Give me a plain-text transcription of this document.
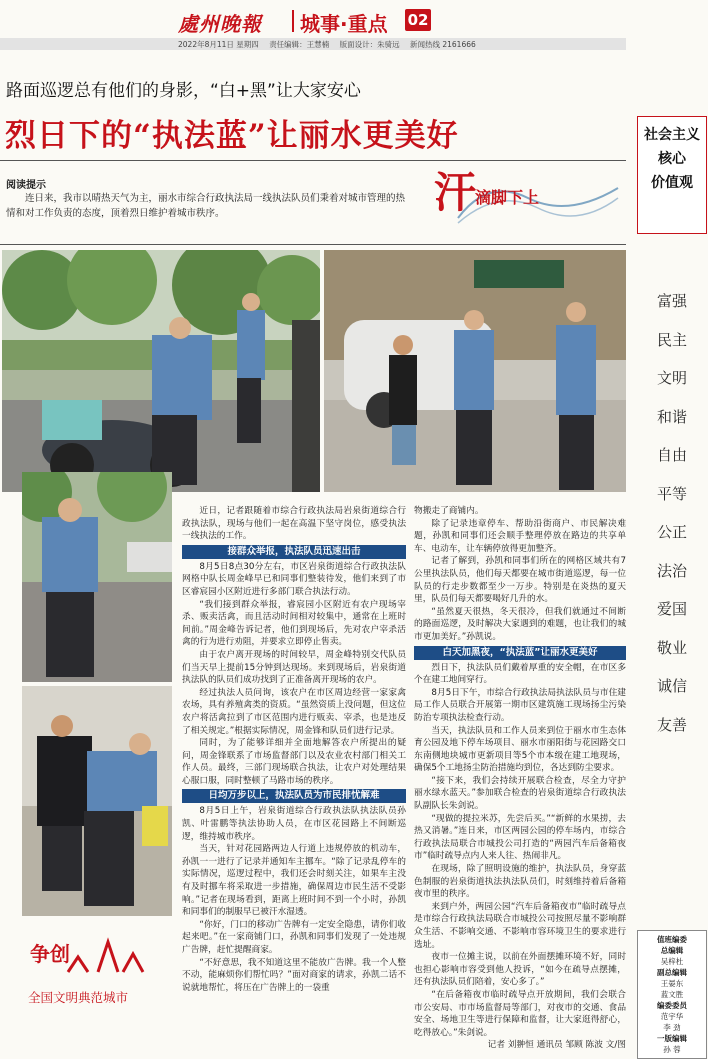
處州晚報 城事·重点 02
2022年8月11日 星期四 责任编辑：王慧楠 版面设计：朱骑远 新闻热线 2161666
路面巡逻总有他们的身影，“白+黑”让大家安心
烈日下的“执法蓝”让丽水更美好
阅读提示
连日来，我市以晴热天气为主，丽水市综合行政执法局一线执法队员们秉着对城市管理的热情和对工作负责的态度，顶着烈日维护着城市秩序。	汗
滴脚下上

近日，记者跟随着市综合行政执法局岩泉街道综合行政执法队，现场与他们一起在高温下坚守岗位，感受执法一线执法的工作。

接群众举报，执法队员迅速出击

8月5日8点30分左右，市区岩泉街道综合行政执法队网格中队长周金峰早已和同事们整装待发，他们来到了市区睿宸园小区附近进行多部门联合执法行动。

“我们接到群众举报，睿宸园小区附近有农户现场宰杀、贩卖活禽，而且活动时间相对较集中，通常在上班时间前。”周金峰告诉记者，他们到现场后，先对农户宰杀活禽的行为进行劝阻，并要求立即停止售卖。

由于农户离开现场的时间较早，周金峰特别交代队员们当天早上提前15分钟到达现场。来到现场后，岩泉街道执法队的队员们成功找到了正准备离开现场的农户。

经过执法人员问询，该农户在市区周边经营一家家禽农场，具有养殖禽类的资质。“虽然资质上没问题，但这位农户将活禽拉到了市区范围内进行贩卖、宰杀，也是违反了相关规定。”根据实际情况，周金锋和队员们进行记录。

同时，为了能够详细并全面地解答农户所提出的疑问，周金锋联系了市场监督部门以及农业农村部门相关工作人员。最终，三部门现场联合执法，让农户对处理结果心服口服，同时整顿了马路市场的秩序。

日均万步以上，执法队员为市民排忧解难

8月5日上午，岩泉街道综合行政执法队执法队员孙凯、叶雷鹏等执法协助人员，在市区花园路上不间断巡逻，维持城市秩序。

当天，针对花园路两边人行道上违规停放的机动车，孙凯一一进行了记录并通知车主挪车。“除了记录乱停车的实际情况，巡逻过程中，我们还会时刻关注，如果车主没有及时挪车将采取进一步措施，确保周边市民生活不受影响。”记者在现场看到，距离上班时间不到一个小时，孙凯和同事们的制服早已被汗水湿透。

“你好，门口的移动广告牌有一定安全隐患，请你们收起来吧。”在一家商铺门口，孙凯和同事们发现了一处违规广告牌，赶忙提醒商家。

“不好意思，我不知道这里不能放广告牌。我一个人整不动，能麻烦你们帮忙吗？”面对商家的请求，孙凯二话不说就地帮忙，将压在广告牌上的一袋重

物搬走了商铺内。

除了记录违章停车、帮助沿街商户、市民解决难题，孙凯和同事们还会顺手整理停放在路边的共享单车、电动车，让车辆停放得更加整齐。

记者了解到，孙凯和同事们所在的网格区域共有7公里执法队员，他们每天都要在城市街道巡逻，每一位队员的行走步数都至少一万步。特别是在炎热的夏天里，队员们每天都要喝好几升的水。

“虽然夏天很热，冬天很冷，但我们就通过不间断的路面巡逻，及时解决大家遇到的难题，也让我们的城市更加美好。”孙凯说。

白天加黑夜，“执法蓝”让丽水更美好

烈日下，执法队员们戴着厚重的安全帽，在市区多个在建工地间穿行。

8月5日下午，市综合行政执法局执法队员与市住建局工作人员联合开展第一期市区建筑施工现场扬尘污染防治专项执法检查行动。

当天，执法队员和工作人员来到位于丽水市生态体育公园及地下停车场项目、丽水市丽阳街与花园路交口东南侧地块城市更新项目等5个市本级在建工地现场，确保5个工地扬尘防治措施均到位，各达到防尘要求。

“接下来，我们会持续开展联合检查，尽全力守护丽水绿水蓝天。”参加联合检查的岩泉街道综合行政执法队副队长朱剑说。

“现做的提拉米苏，先尝后买。”“新鲜的水果捞，去热又消暑。”连日来，市区两园公园的停车场内，市综合行政执法局联合市城投公司打造的“两园汽车后备箱夜市”临时疏导点内人来人往、热闹非凡。

在现场，除了照明设施的维护，执法队员，身穿蓝色制服的岩泉街道执法执法队员们，时刻维持着后备箱夜市里的秩序。

来到户外，两园公园“汽车后备箱夜市”临时疏导点是市综合行政执法局联合市城投公司按照尽量不影响群众生活、不影响交通、不影响市容环境卫生的要求进行选址。

夜市一位摊主说，以前在外面摆摊环境不好，同时也担心影响市容受到他人投诉，“如今在疏导点摆摊，还有执法队员们陪着，安心多了。”

“在后备箱夜市临时疏导点开放期间，我们会联合市公安局、市市场监督局等部门，对夜市的交通、食品安全、场地卫生等进行保障和监督，让大家逛得舒心，吃得放心。”朱剑说。

记者 刘翀恒 通讯员 邹顾 陈波 文/图

争创
全国文明典范城市
社会主义
核心
价值观
富强
民主
文明
和谐
自由
平等
公正
法治
爱国
敬业
诚信
友善
值班编委
总编辑
吴梓杜
副总编辑
王晏东
蓝文胜
编委委员
范宇华
李 劲
一版编辑
孙 蓉
